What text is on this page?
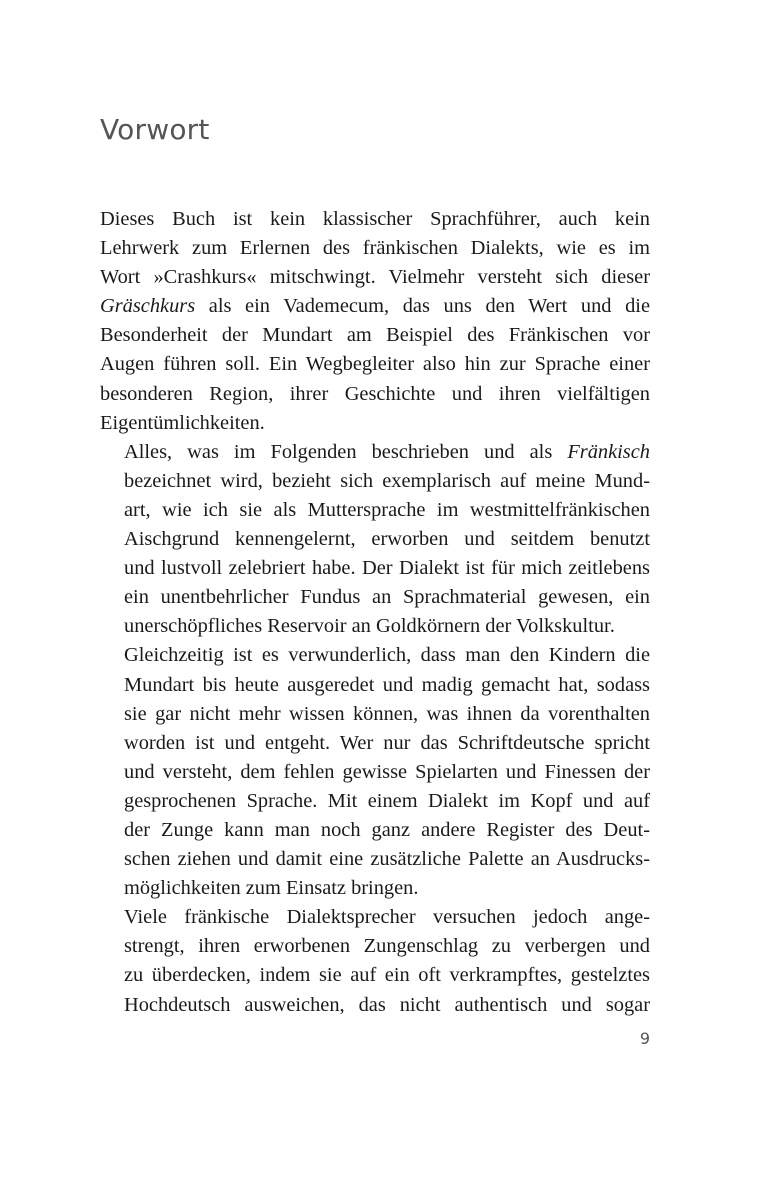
Vorwort

Dieses Buch ist kein klassischer Sprachführer, auch kein
Lehrwerk zum Erlernen des fränkischen Dialekts, wie es im
Wort »Crashkurs« mitschwingt. Vielmehr versteht sich dieser
Gräschkurs als ein Vademecum, das uns den Wert und die
Besonderheit der Mundart am Beispiel des Fränkischen vor
Augen führen soll. Ein Wegbegleiter also hin zur Sprache einer
besonderen Region, ihrer Geschichte und ihren vielfältigen
Eigentümlichkeiten.

Alles, was im Folgenden beschrieben und als Fränkisch
bezeichnet wird, bezieht sich exemplarisch auf meine Mund-
art, wie ich sie als Muttersprache im westmittelfränkischen
Aischgrund kennengelernt, erworben und seitdem benutzt
und lustvoll zelebriert habe. Der Dialekt ist für mich zeitlebens
ein unentbehrlicher Fundus an Sprachmaterial gewesen, ein
unerschöpfliches Reservoir an Goldkörnern der Volkskultur.

Gleichzeitig ist es verwunderlich, dass man den Kindern die
Mundart bis heute ausgeredet und madig gemacht hat, sodass
sie gar nicht mehr wissen können, was ihnen da vorenthalten
worden ist und entgeht. Wer nur das Schriftdeutsche spricht
und versteht, dem fehlen gewisse Spielarten und Finessen der
gesprochenen Sprache. Mit einem Dialekt im Kopf und auf
der Zunge kann man noch ganz andere Register des Deut-
schen ziehen und damit eine zusätzliche Palette an Ausdrucks-
möglichkeiten zum Einsatz bringen.

Viele fränkische Dialektsprecher versuchen jedoch ange-
strengt, ihren erworbenen Zungenschlag zu verbergen und
zu überdecken, indem sie auf ein oft verkrampftes, gestelztes
Hochdeutsch ausweichen, das nicht authentisch und sogar

9
